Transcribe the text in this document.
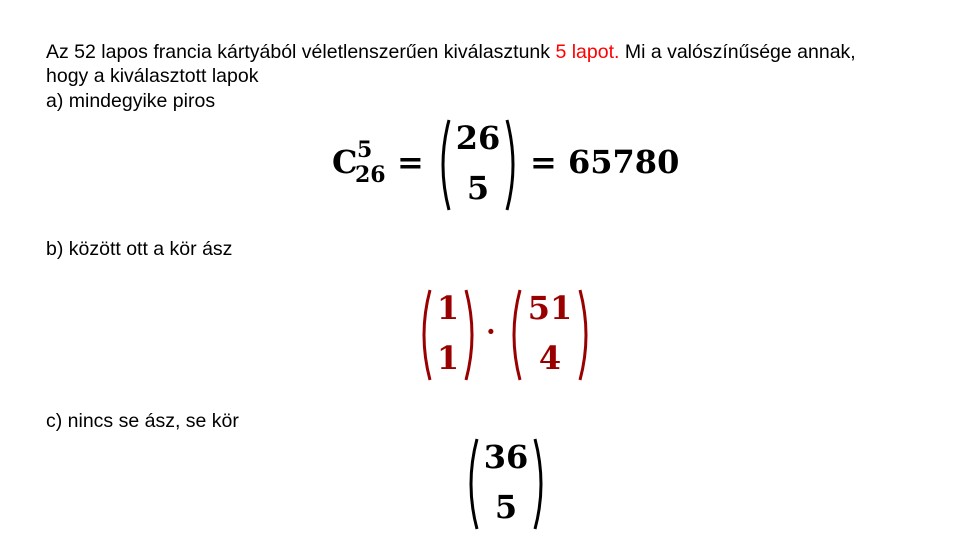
Az 52 lapos francia kártyából véletlenszerűen kiválasztunk 5 lapot. Mi a valószínűsége annak,
hogy a kiválasztott lapok
a) mindegyike piros
C 5
26 =
26
5
= 65780
b) között ott a kör ász
1
1
·
51
4
c) nincs se ász, se kör
36
5
